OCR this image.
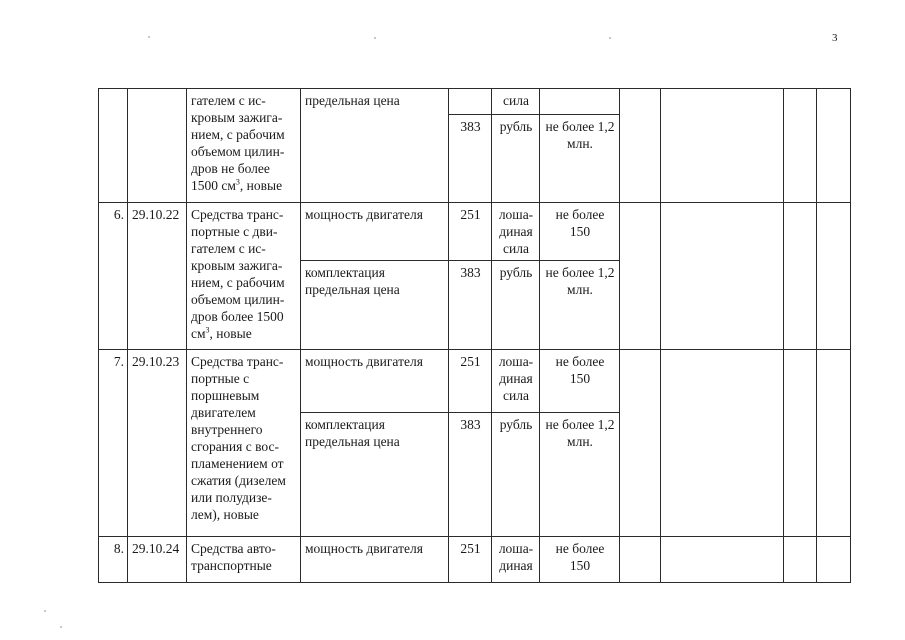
3
		гателем с ис-кровым зажига-нием, с рабочим объемом цилин-дров не более 1500 $см^3$, новые	предельная цена		сила					
				383	рубль	не более 1,2 млн.				
6.	29.10.22	Средства транс-портные с дви-гателем с ис-кровым зажига-нием, с рабочим объемом цилин-дров более 1500 $см^3$, новые	мощность двигателя	251	лоша-диная сила	не более 150				
			комплектация предельная цена	383	рубль	не более 1,2 млн.				
7.	29.10.23	Средства транс-портные с поршневым двигателем внутреннего сгорания с вос-пламенением от сжатия (дизелем или полудизе-лем), новые	мощность двигателя	251	лоша-диная сила	не более 150				
			комплектация предельная цена	383	рубль	не более 1,2 млн.				
8.	29.10.24	Средства авто-транспортные	мощность двигателя	251	лоша-диная	не более 150				
